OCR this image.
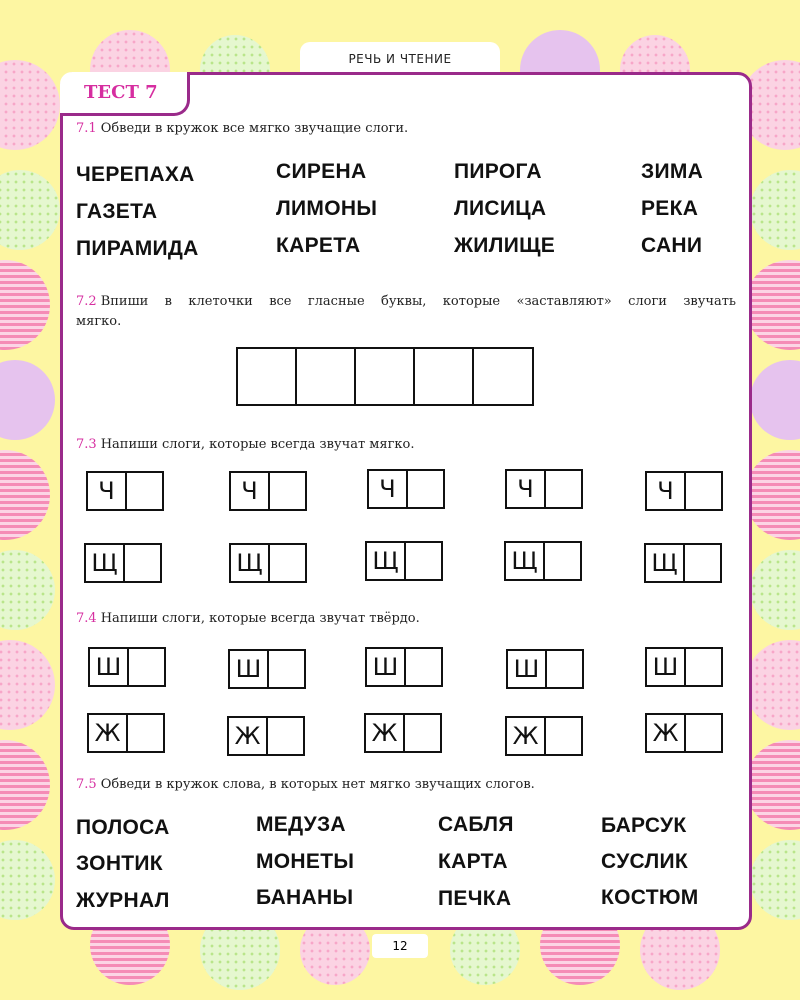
РЕЧЬ И ЧТЕНИЕ
ТЕСТ 7
7.1 Обведи в кружок все мягко звучащие слоги.
ЧЕРЕПАХА	СИРЕНА	ПИРОГА	ЗИМА
ГАЗЕТА	ЛИМОНЫ	ЛИСИЦА	РЕКА
ПИРАМИДА	КАРЕТА	ЖИЛИЩЕ	САНИ
7.2 Впиши в клеточки все гласные буквы, которые «заставляют» слоги звучать
мягко.
7.3 Напиши слоги, которые всегда звучат мягко.
Ч	Ч	Ч	Ч	Ч
Щ	Щ	Щ	Щ	Щ
7.4 Напиши слоги, которые всегда звучат твёрдо.
Ш	Ш	Ш	Ш	Ш
Ж	Ж	Ж	Ж	Ж
7.5 Обведи в кружок слова, в которых нет мягко звучащих слогов.
ПОЛОСА	МЕДУЗА	САБЛЯ	БАРСУК
ЗОНТИК	МОНЕТЫ	КАРТА	СУСЛИК
ЖУРНАЛ	БАНАНЫ	ПЕЧКА	КОСТЮМ
12
